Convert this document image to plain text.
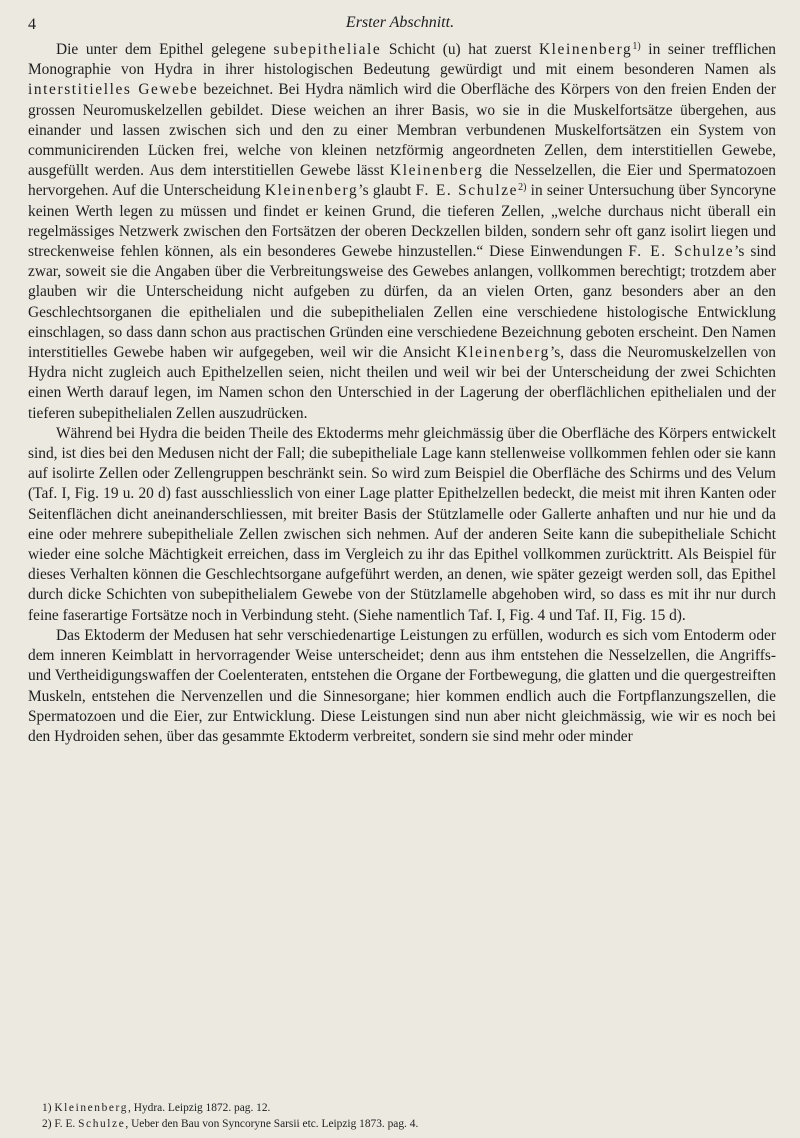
4	Erster Abschnitt.

Die unter dem Epithel gelegene subepitheliale Schicht (u) hat zuerst Kleinenberg$^{1)}$ in seiner trefflichen Monographie von Hydra in ihrer histologischen Bedeutung gewürdigt und mit einem besonderen Namen als interstitielles Gewebe bezeichnet. Bei Hydra nämlich wird die Oberfläche des Körpers von den freien Enden der grossen Neuromuskelzellen gebildet. Diese weichen an ihrer Basis, wo sie in die Muskelfortsätze übergehen, aus einander und lassen zwischen sich und den zu einer Membran verbundenen Muskelfortsätzen ein System von communicirenden Lücken frei, welche von kleinen netzförmig angeordneten Zellen, dem interstitiellen Gewebe, ausgefüllt werden. Aus dem interstitiellen Gewebe lässt Kleinenberg die Nesselzellen, die Eier und Spermatozoen hervorgehen. Auf die Unterscheidung Kleinenberg’s glaubt F. E. Schulze$^{2)}$ in seiner Untersuchung über Syncoryne keinen Werth legen zu müssen und findet er keinen Grund, die tieferen Zellen, „welche durchaus nicht überall ein regelmässiges Netzwerk zwischen den Fortsätzen der oberen Deckzellen bilden, sondern sehr oft ganz isolirt liegen und streckenweise fehlen können, als ein besonderes Gewebe hinzustellen.“ Diese Einwendungen F. E. Schulze’s sind zwar, soweit sie die Angaben über die Verbreitungsweise des Gewebes anlangen, vollkommen berechtigt; trotzdem aber glauben wir die Unterscheidung nicht aufgeben zu dürfen, da an vielen Orten, ganz besonders aber an den Geschlechtsorganen die epithelialen und die subepithelialen Zellen eine verschiedene histologische Entwicklung einschlagen, so dass dann schon aus practischen Gründen eine verschiedene Bezeichnung geboten erscheint. Den Namen interstitielles Gewebe haben wir aufgegeben, weil wir die Ansicht Kleinenberg’s, dass die Neuromuskelzellen von Hydra nicht zugleich auch Epithelzellen seien, nicht theilen und weil wir bei der Unterscheidung der zwei Schichten einen Werth darauf legen, im Namen schon den Unterschied in der Lagerung der oberflächlichen epithelialen und der tieferen subepithelialen Zellen auszudrücken.

Während bei Hydra die beiden Theile des Ektoderms mehr gleichmässig über die Oberfläche des Körpers entwickelt sind, ist dies bei den Medusen nicht der Fall; die subepitheliale Lage kann stellenweise vollkommen fehlen oder sie kann auf isolirte Zellen oder Zellengruppen beschränkt sein. So wird zum Beispiel die Oberfläche des Schirms und des Velum (Taf. I, Fig. 19 u. 20 d) fast ausschliesslich von einer Lage platter Epithelzellen bedeckt, die meist mit ihren Kanten oder Seitenflächen dicht aneinanderschliessen, mit breiter Basis der Stützlamelle oder Gallerte anhaften und nur hie und da eine oder mehrere subepitheliale Zellen zwischen sich nehmen. Auf der anderen Seite kann die subepitheliale Schicht wieder eine solche Mächtigkeit erreichen, dass im Vergleich zu ihr das Epithel vollkommen zurücktritt. Als Beispiel für dieses Verhalten können die Geschlechtsorgane aufgeführt werden, an denen, wie später gezeigt werden soll, das Epithel durch dicke Schichten von subepithelialem Gewebe von der Stützlamelle abgehoben wird, so dass es mit ihr nur durch feine faserartige Fortsätze noch in Verbindung steht. (Siehe namentlich Taf. I, Fig. 4 und Taf. II, Fig. 15 d).

Das Ektoderm der Medusen hat sehr verschiedenartige Leistungen zu erfüllen, wodurch es sich vom Entoderm oder dem inneren Keimblatt in hervorragender Weise unterscheidet; denn aus ihm entstehen die Nesselzellen, die Angriffs- und Vertheidigungswaffen der Coelenteraten, entstehen die Organe der Fortbewegung, die glatten und die quergestreiften Muskeln, entstehen die Nervenzellen und die Sinnesorgane; hier kommen endlich auch die Fortpflanzungszellen, die Spermatozoen und die Eier, zur Entwicklung. Diese Leistungen sind nun aber nicht gleichmässig, wie wir es noch bei den Hydroiden sehen, über das gesammte Ektoderm verbreitet, sondern sie sind mehr oder minder

1) Kleinenberg, Hydra. Leipzig 1872. pag. 12.
2) F. E. Schulze, Ueber den Bau von Syncoryne Sarsii etc. Leipzig 1873. pag. 4.
